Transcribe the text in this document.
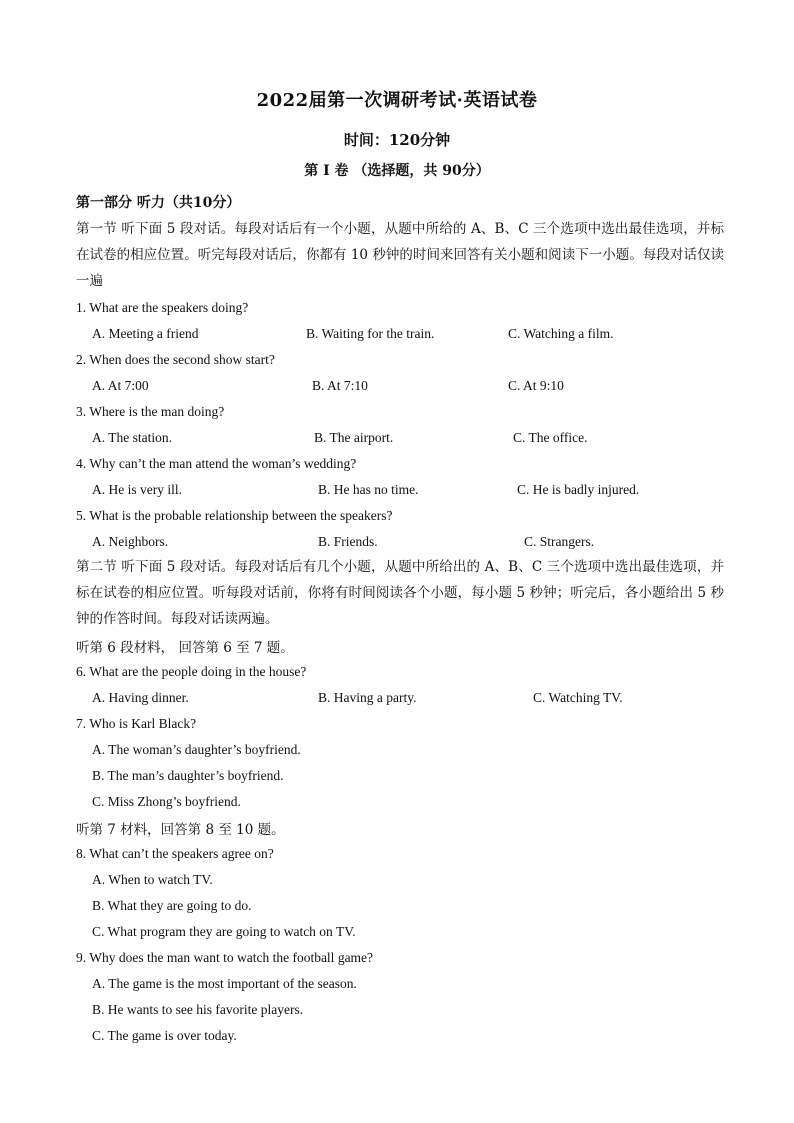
2022届第一次调研考试·英语试卷
时间：120分钟
第 I 卷 （选择题，共 90分）
第一部分 听力（共10分）
第一节 听下面 5 段对话。每段对话后有一个小题，从题中所给的 A、B、C 三个选项中选出最佳选项，并标在试卷的相应位置。听完每段对话后，你都有 10 秒钟的时间来回答有关小题和阅读下一小题。每段对话仅读一遍
1. What are the speakers doing?
A. Meeting a friend	B. Waiting for the train.	C. Watching a film.
2. When does the second show start?
A. At 7:00	B. At 7:10	C. At 9:10
3. Where is the man doing?
A. The station.	B. The airport.	C. The office.
4. Why can’t the man attend the woman’s wedding?
A. He is very ill.	B. He has no time.	C. He is badly injured.
5. What is the probable relationship between the speakers?
A. Neighbors.	B. Friends.	C. Strangers.
第二节 听下面 5 段对话。每段对话后有几个小题，从题中所给出的 A、B、C 三个选项中选出最佳选项，并标在试卷的相应位置。听每段对话前，你将有时间阅读各个小题，每小题 5 秒钟；听完后，各小题给出 5 秒钟的作答时间。每段对话读两遍。
听第 6 段材料， 回答第 6 至 7 题。
6. What are the people doing in the house?
A. Having dinner.	B. Having a party.	C. Watching TV.
7. Who is Karl Black?
A. The woman’s daughter’s boyfriend.
B. The man’s daughter’s boyfriend.
C. Miss Zhong’s boyfriend.
听第 7 材料，回答第 8 至 10 题。
8. What can’t the speakers agree on?
A. When to watch TV.
B. What they are going to do.
C. What program they are going to watch on TV.
9. Why does the man want to watch the football game?
A. The game is the most important of the season.
B. He wants to see his favorite players.
C. The game is over today.
